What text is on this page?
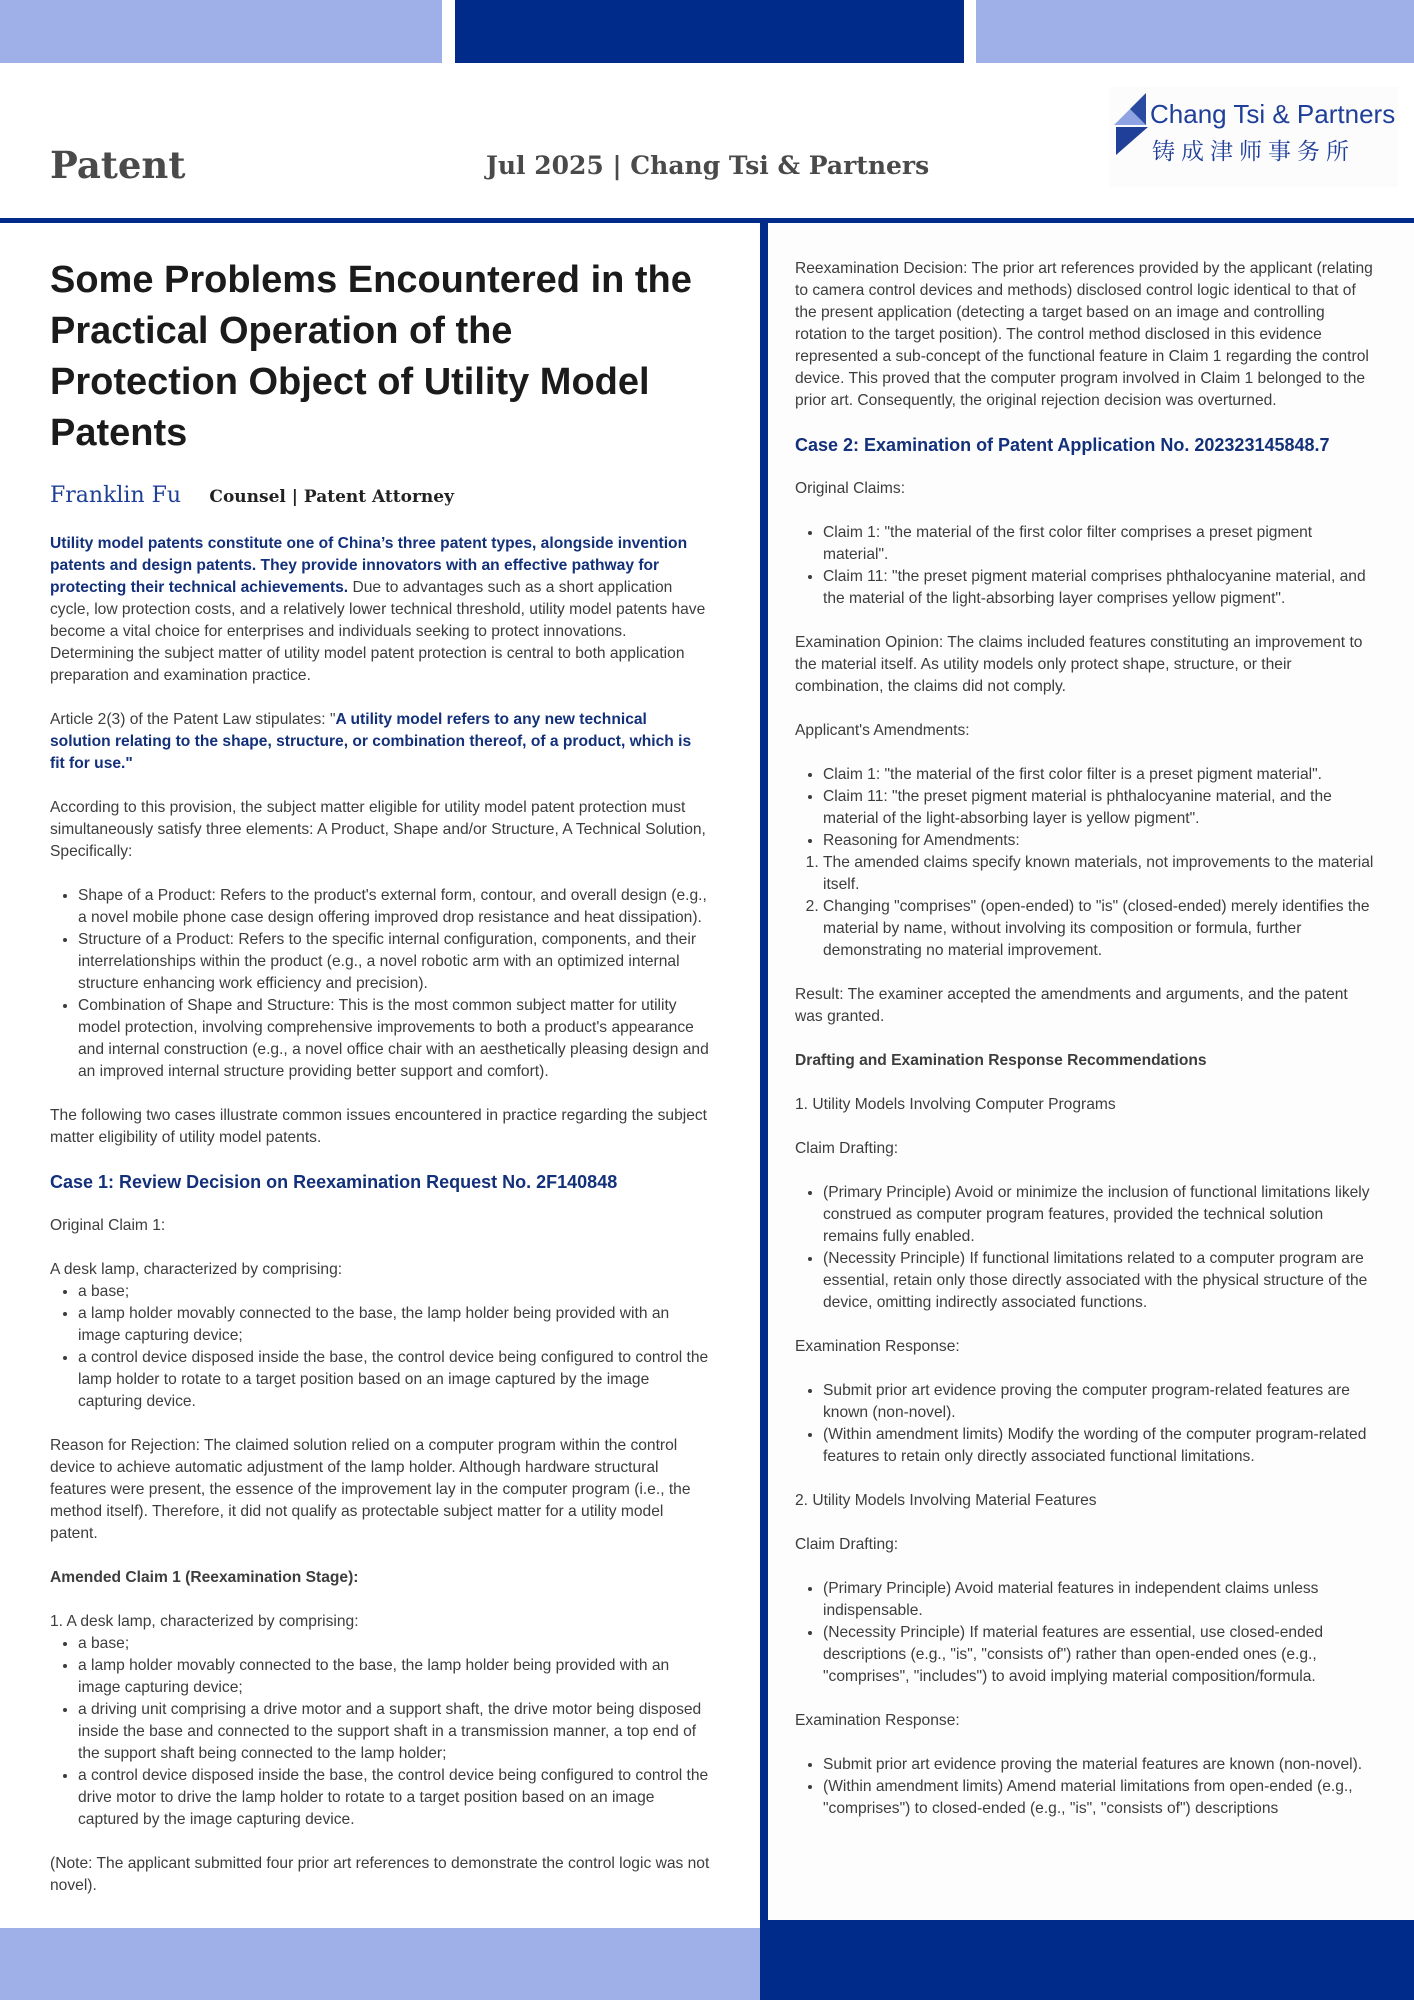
Patent	Jul 2025 | Chang Tsi & Partners
Chang Tsi & Partners
铸成津师事务所
Some Problems Encountered in the Practical Operation of the Protection Object of Utility Model Patents
Franklin Fu Counsel | Patent Attorney

Utility model patents constitute one of China’s three patent types, alongside invention patents and design patents. They provide innovators with an effective pathway for protecting their technical achievements. Due to advantages such as a short application cycle, low protection costs, and a relatively lower technical threshold, utility model patents have become a vital choice for enterprises and individuals seeking to protect innovations. Determining the subject matter of utility model patent protection is central to both application preparation and examination practice.

Article 2(3) of the Patent Law stipulates: "A utility model refers to any new technical solution relating to the shape, structure, or combination thereof, of a product, which is fit for use."

According to this provision, the subject matter eligible for utility model patent protection must simultaneously satisfy three elements: A Product, Shape and/or Structure, A Technical Solution, Specifically:

• Shape of a Product: Refers to the product's external form, contour, and overall design (e.g., a novel mobile phone case design offering improved drop resistance and heat dissipation).
• Structure of a Product: Refers to the specific internal configuration, components, and their interrelationships within the product (e.g., a novel robotic arm with an optimized internal structure enhancing work efficiency and precision).
• Combination of Shape and Structure: This is the most common subject matter for utility model protection, involving comprehensive improvements to both a product's appearance and internal construction (e.g., a novel office chair with an aesthetically pleasing design and an improved internal structure providing better support and comfort).

The following two cases illustrate common issues encountered in practice regarding the subject matter eligibility of utility model patents.

Case 1: Review Decision on Reexamination Request No. 2F140848

Original Claim 1:

A desk lamp, characterized by comprising:

• a base;
• a lamp holder movably connected to the base, the lamp holder being provided with an image capturing device;
• a control device disposed inside the base, the control device being configured to control the lamp holder to rotate to a target position based on an image captured by the image capturing device.

Reason for Rejection: The claimed solution relied on a computer program within the control device to achieve automatic adjustment of the lamp holder. Although hardware structural features were present, the essence of the improvement lay in the computer program (i.e., the method itself). Therefore, it did not qualify as protectable subject matter for a utility model patent.

Amended Claim 1 (Reexamination Stage):

1. A desk lamp, characterized by comprising:

• a base;
• a lamp holder movably connected to the base, the lamp holder being provided with an image capturing device;
• a driving unit comprising a drive motor and a support shaft, the drive motor being disposed inside the base and connected to the support shaft in a transmission manner, a top end of the support shaft being connected to the lamp holder;
• a control device disposed inside the base, the control device being configured to control the drive motor to drive the lamp holder to rotate to a target position based on an image captured by the image capturing device.

(Note: The applicant submitted four prior art references to demonstrate the control logic was not novel).

Reexamination Decision: The prior art references provided by the applicant (relating to camera control devices and methods) disclosed control logic identical to that of the present application (detecting a target based on an image and controlling rotation to the target position). The control method disclosed in this evidence represented a sub-concept of the functional feature in Claim 1 regarding the control device. This proved that the computer program involved in Claim 1 belonged to the prior art. Consequently, the original rejection decision was overturned.

Case 2: Examination of Patent Application No. 202323145848.7

Original Claims:

• Claim 1: "the material of the first color filter comprises a preset pigment material".
• Claim 11: "the preset pigment material comprises phthalocyanine material, and the material of the light-absorbing layer comprises yellow pigment".

Examination Opinion: The claims included features constituting an improvement to the material itself. As utility models only protect shape, structure, or their combination, the claims did not comply.

Applicant's Amendments:

• Claim 1: "the material of the first color filter is a preset pigment material".
• Claim 11: "the preset pigment material is phthalocyanine material, and the material of the light-absorbing layer is yellow pigment".
• Reasoning for Amendments:
1. The amended claims specify known materials, not improvements to the material itself.
2. Changing "comprises" (open-ended) to "is" (closed-ended) merely identifies the material by name, without involving its composition or formula, further demonstrating no material improvement.

Result: The examiner accepted the amendments and arguments, and the patent was granted.

Drafting and Examination Response Recommendations

1. Utility Models Involving Computer Programs

Claim Drafting:

• (Primary Principle) Avoid or minimize the inclusion of functional limitations likely construed as computer program features, provided the technical solution remains fully enabled.
• (Necessity Principle) If functional limitations related to a computer program are essential, retain only those directly associated with the physical structure of the device, omitting indirectly associated functions.

Examination Response:

• Submit prior art evidence proving the computer program-related features are known (non-novel).
• (Within amendment limits) Modify the wording of the computer program-related features to retain only directly associated functional limitations.

2. Utility Models Involving Material Features

Claim Drafting:

• (Primary Principle) Avoid material features in independent claims unless indispensable.
• (Necessity Principle) If material features are essential, use closed-ended descriptions (e.g., "is", "consists of") rather than open-ended ones (e.g., "comprises", "includes") to avoid implying material composition/formula.

Examination Response:

• Submit prior art evidence proving the material features are known (non-novel).
• (Within amendment limits) Amend material limitations from open-ended (e.g., "comprises") to closed-ended (e.g., "is", "consists of") descriptions
